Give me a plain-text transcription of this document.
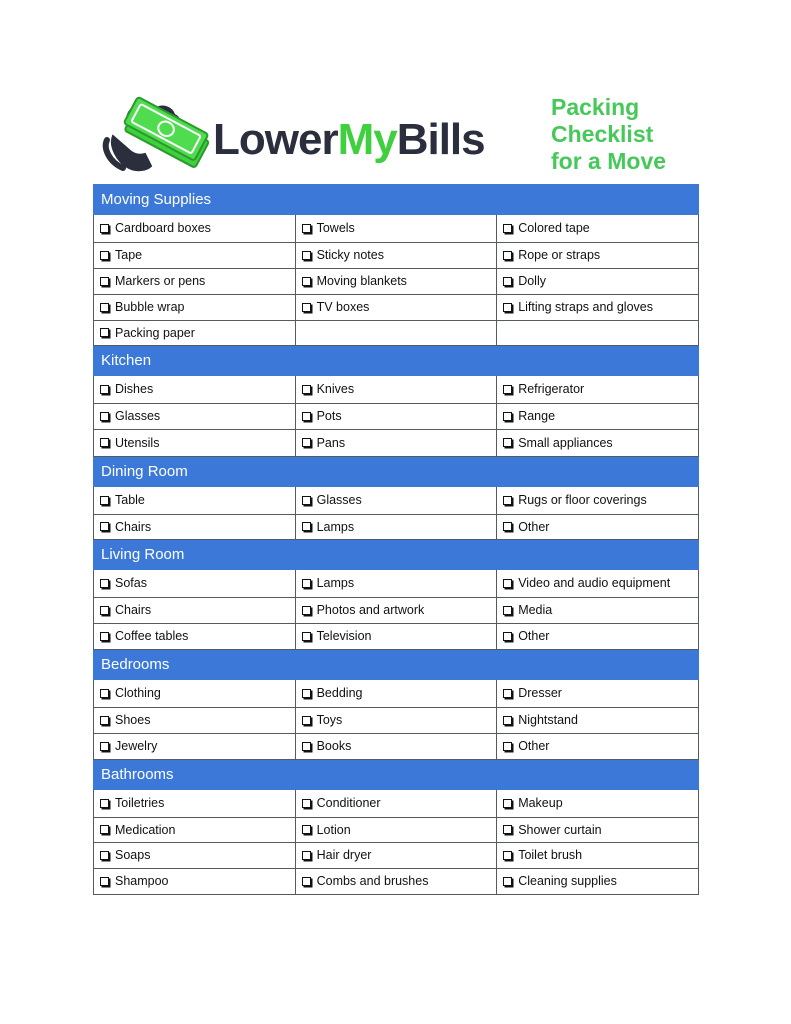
LowerMyBills
Packing
Checklist
for a Move
Moving Supplies		

Cardboard boxes	Towels	Colored tape

Tape	Sticky notes	Rope or straps

Markers or pens	Moving blankets	Dolly

Bubble wrap	TV boxes	Lifting straps and gloves

Packing paper		

Kitchen		

Dishes	Knives	Refrigerator

Glasses	Pots	Range

Utensils	Pans	Small appliances

Dining Room		

Table	Glasses	Rugs or floor coverings

Chairs	Lamps	Other

Living Room		

Sofas	Lamps	Video and audio equipment

Chairs	Photos and artwork	Media

Coffee tables	Television	Other

Bedrooms		

Clothing	Bedding	Dresser

Shoes	Toys	Nightstand

Jewelry	Books	Other

Bathrooms		

Toiletries	Conditioner	Makeup

Medication	Lotion	Shower curtain

Soaps	Hair dryer	Toilet brush

Shampoo	Combs and brushes	Cleaning supplies
